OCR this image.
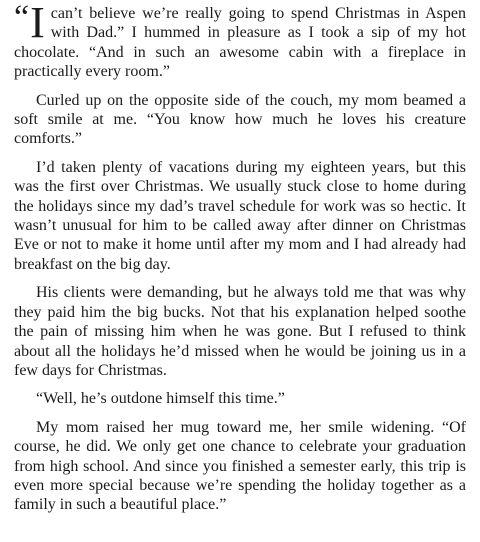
“ I can’t believe we’re really going to spend Christmas in Aspen with Dad.” I hummed in pleasure as I took a sip of my hot chocolate. “And in such an awesome cabin with a fireplace in practically every room.”

Curled up on the opposite side of the couch, my mom beamed a soft smile at me. “You know how much he loves his creature comforts.”

I’d taken plenty of vacations during my eighteen years, but this was the first over Christmas. We usually stuck close to home during the holidays since my dad’s travel schedule for work was so hectic. It wasn’t unusual for him to be called away after dinner on Christmas Eve or not to make it home until after my mom and I had already had breakfast on the big day.

His clients were demanding, but he always told me that was why they paid him the big bucks. Not that his explanation helped soothe the pain of missing him when he was gone. But I refused to think about all the holidays he’d missed when he would be joining us in a few days for Christmas.

“Well, he’s outdone himself this time.”

My mom raised her mug toward me, her smile widening. “Of course, he did. We only get one chance to celebrate your graduation from high school. And since you finished a semester early, this trip is even more special because we’re spending the holiday together as a family in such a beautiful place.”
